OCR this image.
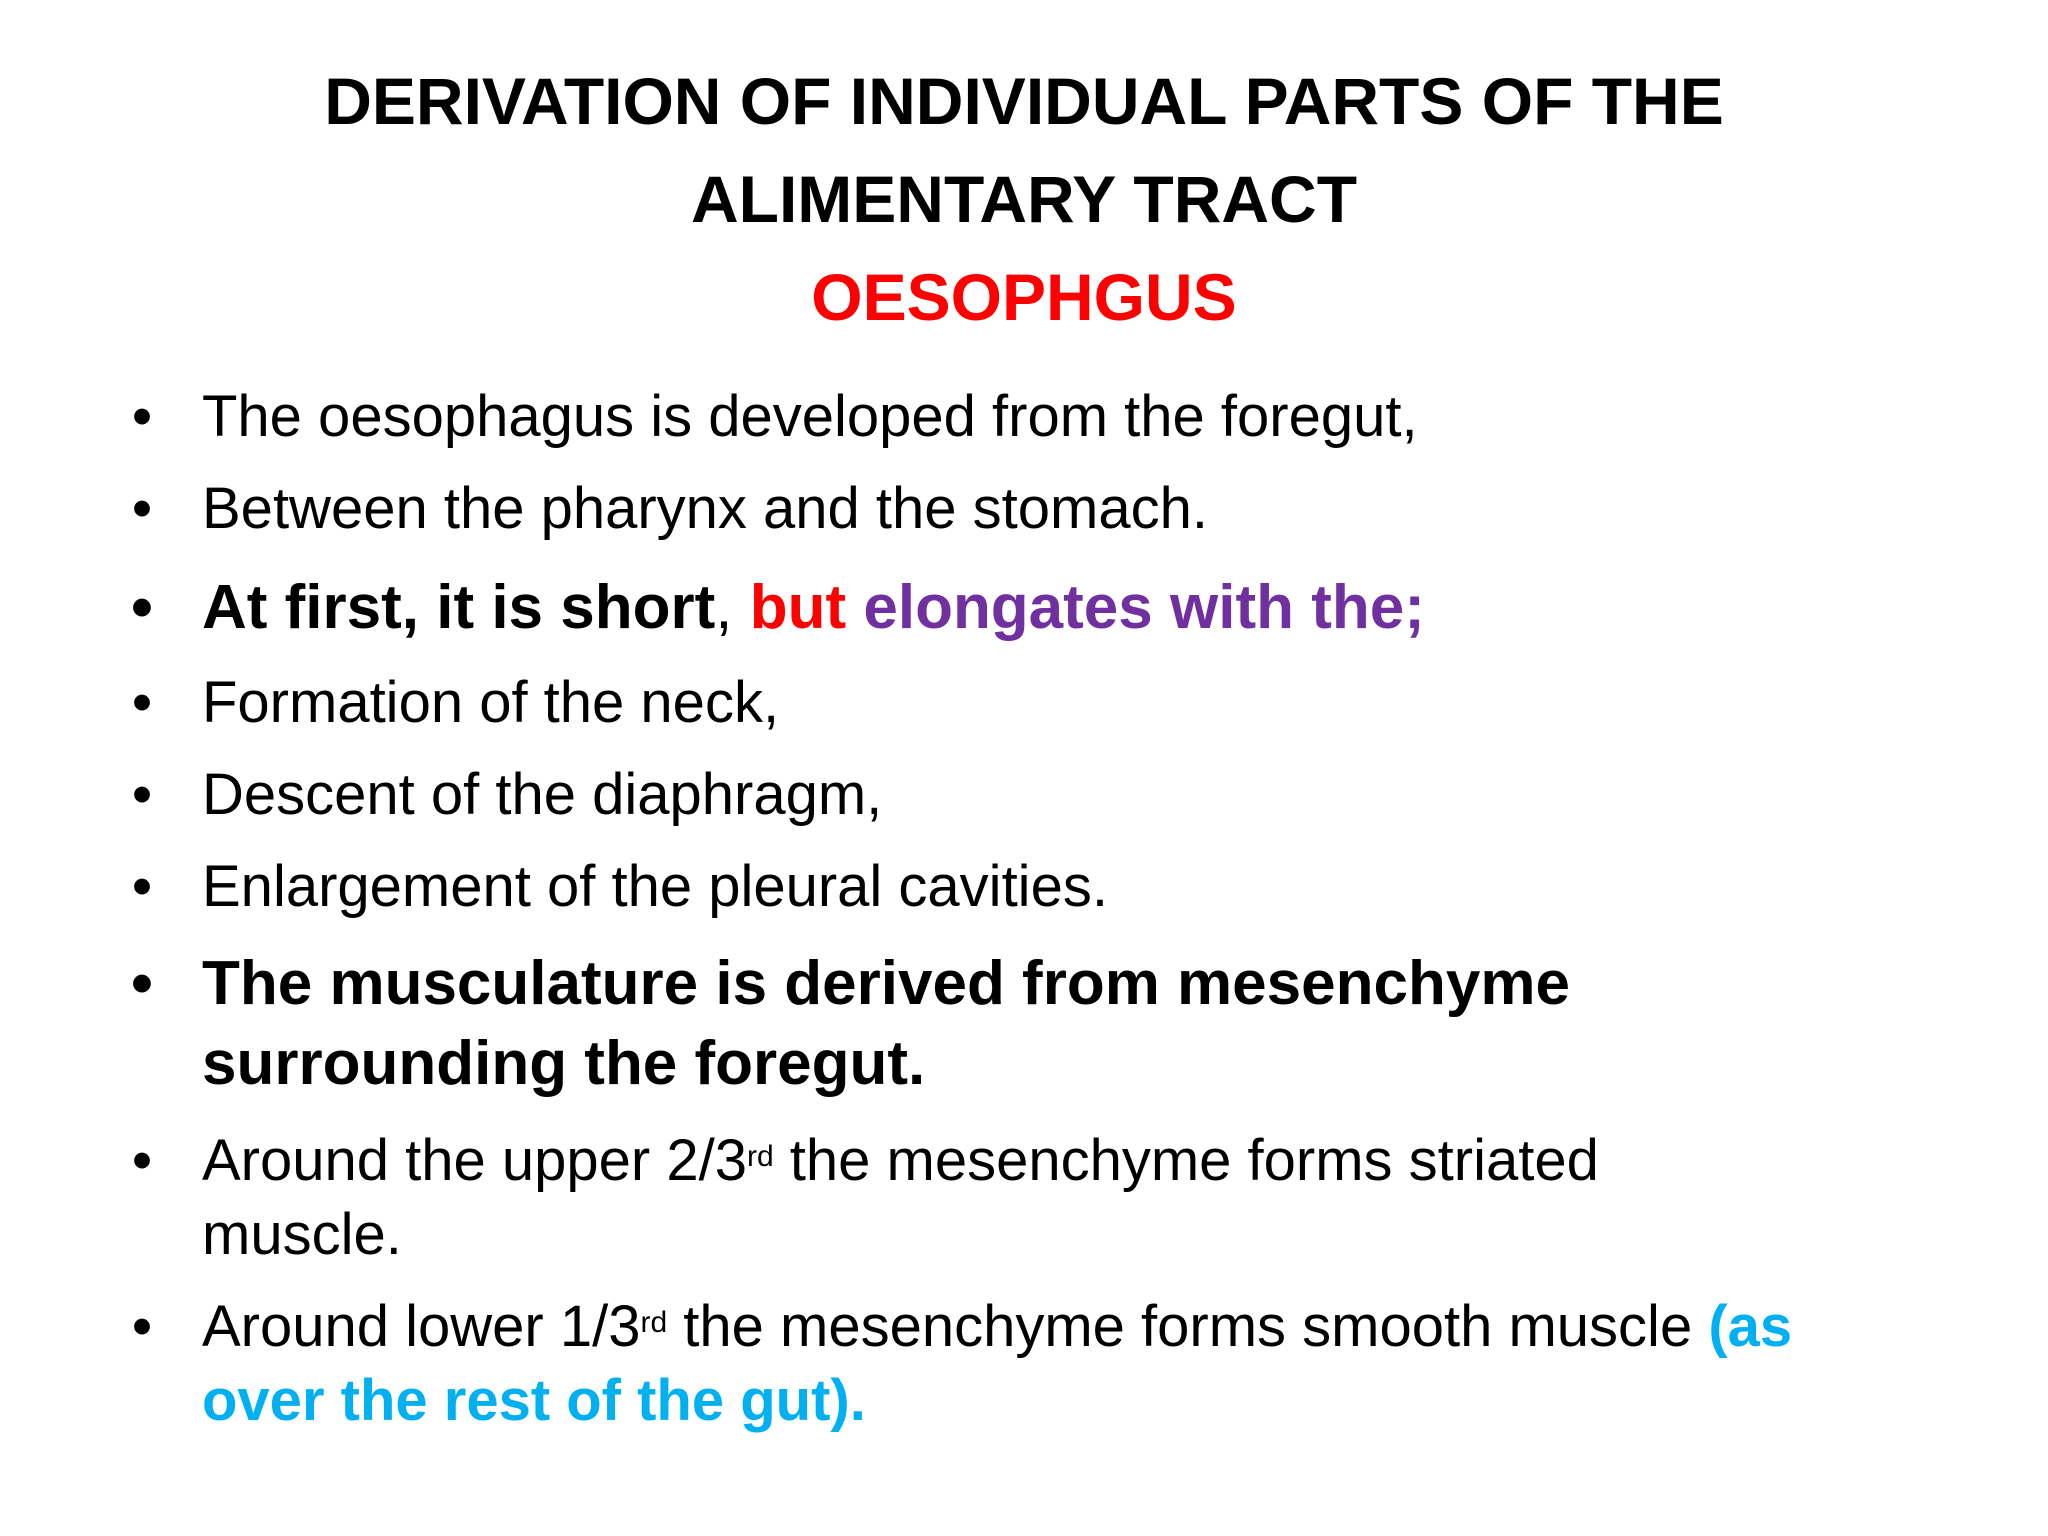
DERIVATION OF INDIVIDUAL PARTS OF THE
ALIMENTARY TRACT
OESOPHGUS
• The oesophagus is developed from the foregut,
• Between the pharynx and the stomach.
• At first, it is short, but elongates with the;
• Formation of the neck,
• Descent of the diaphragm,
• Enlargement of the pleural cavities.
• The musculature is derived from mesenchyme
surrounding the foregut.
• Around the upper 2/3rd the mesenchyme forms striated
muscle.
• Around lower 1/3rd the mesenchyme forms smooth muscle (as
over the rest of the gut).
